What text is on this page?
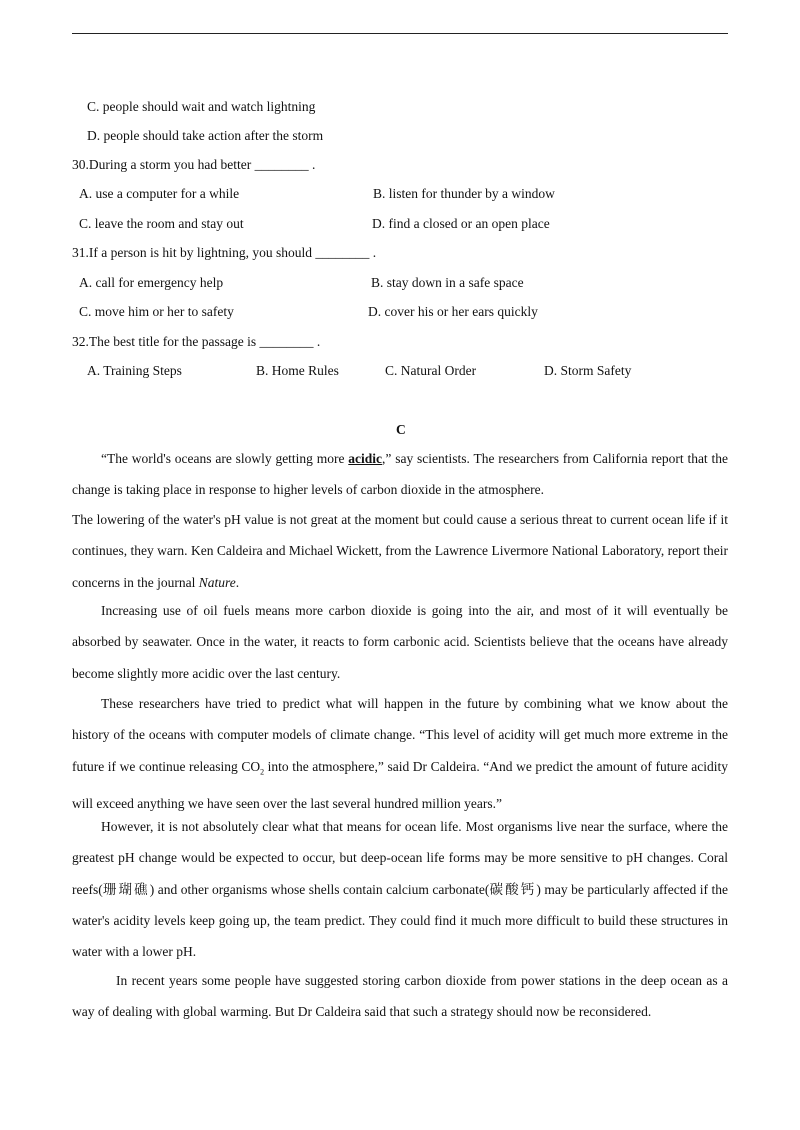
C. people should wait and watch lightning
D. people should take action after the storm
30.During a storm you had better ________ .
A. use a computer for a while	B. listen for thunder by a window
C. leave the room and stay out	D. find a closed or an open place
31.If a person is hit by lightning, you should ________ .
A. call for emergency help	B. stay down in a safe space
C. move him or her to safety	D. cover his or her ears quickly
32.The best title for the passage is ________ .
A. Training Steps	B. Home Rules	C. Natural Order	D. Storm Safety
C

“The world's oceans are slowly getting more acidic,” say scientists. The researchers from California report that the change is taking place in response to higher levels of carbon dioxide in the atmosphere.

The lowering of the water's pH value is not great at the moment but could cause a serious threat to current ocean life if it continues, they warn. Ken Caldeira and Michael Wickett, from the Lawrence Livermore National Laboratory, report their concerns in the journal Nature.

Increasing use of oil fuels means more carbon dioxide is going into the air, and most of it will eventually be absorbed by seawater. Once in the water, it reacts to form carbonic acid. Scientists believe that the oceans have already become slightly more acidic over the last century.

These researchers have tried to predict what will happen in the future by combining what we know about the history of the oceans with computer models of climate change. “This level of acidity will get much more extreme in the future if we continue releasing $CO_2$ into the atmosphere,” said Dr Caldeira. “And we predict the amount of future acidity will exceed anything we have seen over the last several hundred million years.”

However, it is not absolutely clear what that means for ocean life. Most organisms live near the surface, where the greatest pH change would be expected to occur, but deep-ocean life forms may be more sensitive to pH changes. Coral reefs(珊瑚礁) and other organisms whose shells contain calcium carbonate(碳酸钙) may be particularly affected if the water's acidity levels keep going up, the team predict. They could find it much more difficult to build these structures in water with a lower pH.

In recent years some people have suggested storing carbon dioxide from power stations in the deep ocean as a way of dealing with global warming. But Dr Caldeira said that such a strategy should now be reconsidered.
